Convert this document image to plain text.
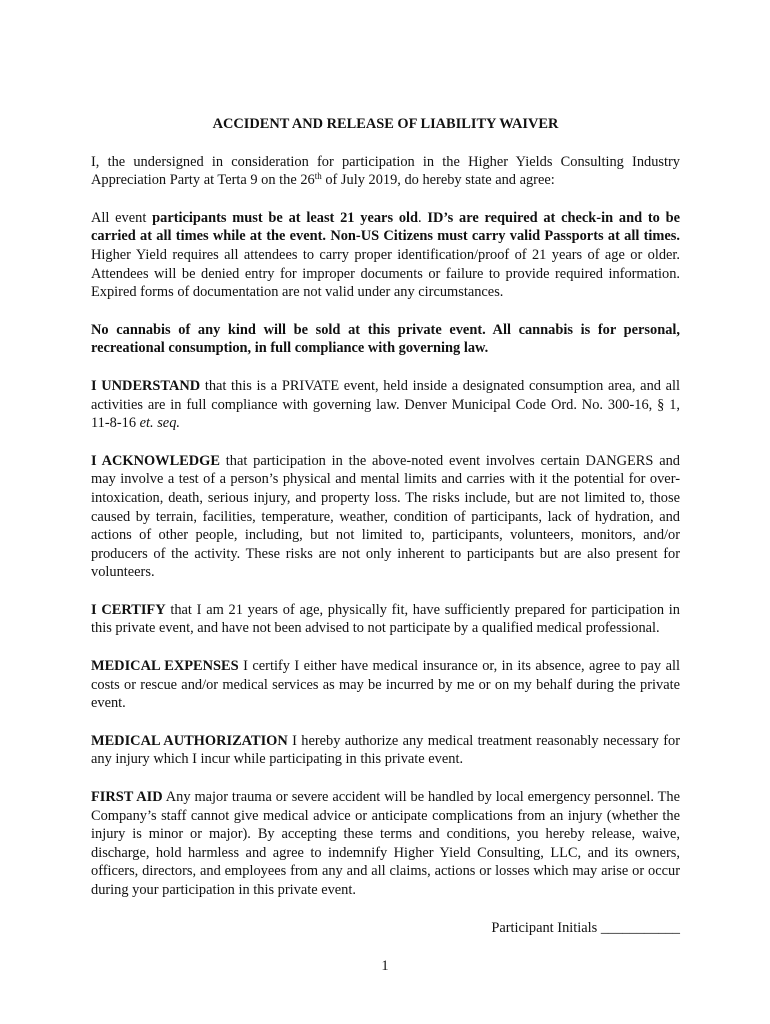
ACCIDENT AND RELEASE OF LIABILITY WAIVER

I, the undersigned in consideration for participation in the Higher Yields Consulting Industry Appreciation Party at Terta 9 on the 26th of July 2019, do hereby state and agree:

All event participants must be at least 21 years old. ID’s are required at check-in and to be carried at all times while at the event. Non-US Citizens must carry valid Passports at all times. Higher Yield requires all attendees to carry proper identification/proof of 21 years of age or older. Attendees will be denied entry for improper documents or failure to provide required information. Expired forms of documentation are not valid under any circumstances.

No cannabis of any kind will be sold at this private event. All cannabis is for personal, recreational consumption, in full compliance with governing law.

I UNDERSTAND that this is a PRIVATE event, held inside a designated consumption area, and all activities are in full compliance with governing law. Denver Municipal Code Ord. No. 300-16, § 1, 11-8-16 et. seq.

I ACKNOWLEDGE that participation in the above-noted event involves certain DANGERS and may involve a test of a person’s physical and mental limits and carries with it the potential for over-intoxication, death, serious injury, and property loss. The risks include, but are not limited to, those caused by terrain, facilities, temperature, weather, condition of participants, lack of hydration, and actions of other people, including, but not limited to, participants, volunteers, monitors, and/or producers of the activity. These risks are not only inherent to participants but are also present for volunteers.

I CERTIFY that I am 21 years of age, physically fit, have sufficiently prepared for participation in this private event, and have not been advised to not participate by a qualified medical professional.

MEDICAL EXPENSES I certify I either have medical insurance or, in its absence, agree to pay all costs or rescue and/or medical services as may be incurred by me or on my behalf during the private event.

MEDICAL AUTHORIZATION I hereby authorize any medical treatment reasonably necessary for any injury which I incur while participating in this private event.

FIRST AID Any major trauma or severe accident will be handled by local emergency personnel. The Company’s staff cannot give medical advice or anticipate complications from an injury (whether the injury is minor or major). By accepting these terms and conditions, you hereby release, waive, discharge, hold harmless and agree to indemnify Higher Yield Consulting, LLC, and its owners, officers, directors, and employees from any and all claims, actions or losses which may arise or occur during your participation in this private event.

Participant Initials ___________
1
